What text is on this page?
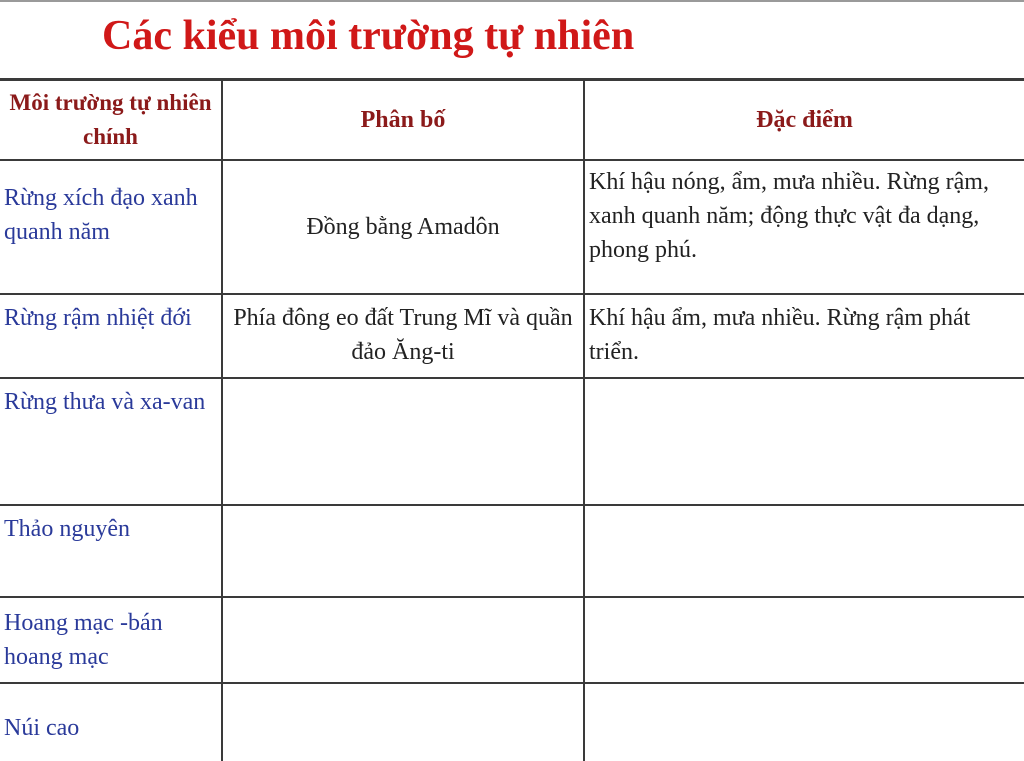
Các kiểu môi trường tự nhiên
Môi trường tự nhiên chính	Phân bố	Đặc điểm
Rừng xích đạo xanh quanh năm	Đồng bằng Amadôn	Khí hậu nóng, ẩm, mưa nhiều. Rừng rậm, xanh quanh năm; động thực vật đa dạng, phong phú.
Rừng rậm nhiệt đới	Phía đông eo đất Trung Mĩ và quần đảo Ăng-ti	Khí hậu ẩm, mưa nhiều. Rừng rậm phát triển.
Rừng thưa và xa-van		
Thảo nguyên		
Hoang mạc -bán hoang mạc		
Núi cao		
